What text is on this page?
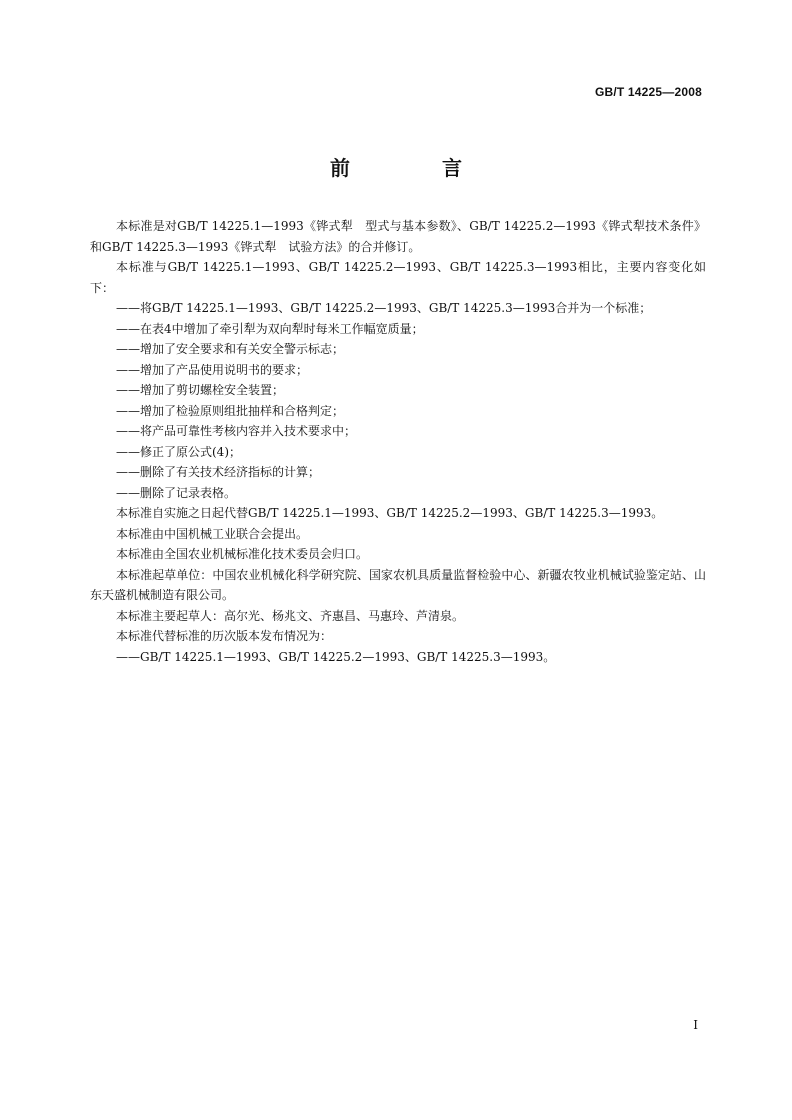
GB/T 14225—2008
前　言

本标准是对GB/T 14225.1—1993《铧式犁　型式与基本参数》、GB/T 14225.2—1993《铧式犁技术条件》和GB/T 14225.3—1993《铧式犁　试验方法》的合并修订。

本标准与GB/T 14225.1—1993、GB/T 14225.2—1993、GB/T 14225.3—1993相比，主要内容变化如下：

——将GB/T 14225.1—1993、GB/T 14225.2—1993、GB/T 14225.3—1993合并为一个标准；

——在表4中增加了牵引犁为双向犁时每米工作幅宽质量；

——增加了安全要求和有关安全警示标志；

——增加了产品使用说明书的要求；

——增加了剪切螺栓安全装置；

——增加了检验原则组批抽样和合格判定；

——将产品可靠性考核内容并入技术要求中；

——修正了原公式(4)；

——删除了有关技术经济指标的计算；

——删除了记录表格。

本标准自实施之日起代替GB/T 14225.1—1993、GB/T 14225.2—1993、GB/T 14225.3—1993。

本标准由中国机械工业联合会提出。

本标准由全国农业机械标准化技术委员会归口。

本标准起草单位：中国农业机械化科学研究院、国家农机具质量监督检验中心、新疆农牧业机械试验鉴定站、山东天盛机械制造有限公司。

本标准主要起草人：高尔光、杨兆文、齐惠昌、马惠玲、芦清泉。

本标准代替标准的历次版本发布情况为：

——GB/T 14225.1—1993、GB/T 14225.2—1993、GB/T 14225.3—1993。

I
